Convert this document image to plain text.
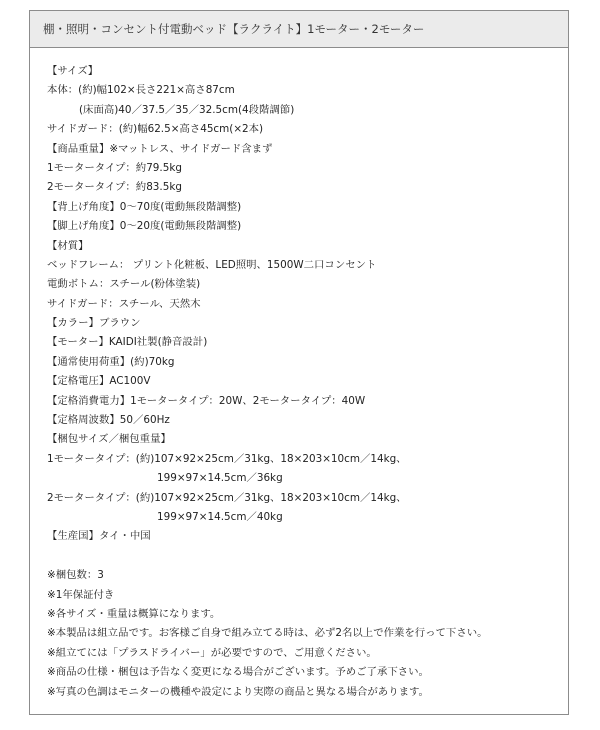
棚・照明・コンセント付電動ベッド【ラクライト】1モーター・2モーター
【サイズ】
本体：(約)幅102×長さ221×高さ87cm
(床面高)40／37.5／35／32.5cm(4段階調節)
サイドガード：(約)幅62.5×高さ45cm(×2本)
【商品重量】※マットレス、サイドガード含まず
1モータータイプ：約79.5kg
2モータータイプ：約83.5kg
【背上げ角度】0～70度(電動無段階調整)
【脚上げ角度】0～20度(電動無段階調整)
【材質】
ベッドフレーム： プリント化粧板、LED照明、1500W二口コンセント
電動ボトム：スチール(粉体塗装)
サイドガード：スチール、天然木
【カラー】ブラウン
【モーター】KAIDI社製(静音設計)
【通常使用荷重】(約)70kg
【定格電圧】AC100V
【定格消費電力】1モータータイプ：20W、2モータータイプ：40W
【定格周波数】50／60Hz
【梱包サイズ／梱包重量】
1モータータイプ：(約)107×92×25cm／31kg、18×203×10cm／14kg、
199×97×14.5cm／36kg
2モータータイプ：(約)107×92×25cm／31kg、18×203×10cm／14kg、
199×97×14.5cm／40kg
【生産国】タイ・中国
※梱包数：3
※1年保証付き
※各サイズ・重量は概算になります。
※本製品は組立品です。お客様ご自身で組み立てる時は、必ず2名以上で作業を行って下さい。
※組立てには「プラスドライバー」が必要ですので、ご用意ください。
※商品の仕様・梱包は予告なく変更になる場合がございます。予めご了承下さい。
※写真の色調はモニターの機種や設定により実際の商品と異なる場合があります。
